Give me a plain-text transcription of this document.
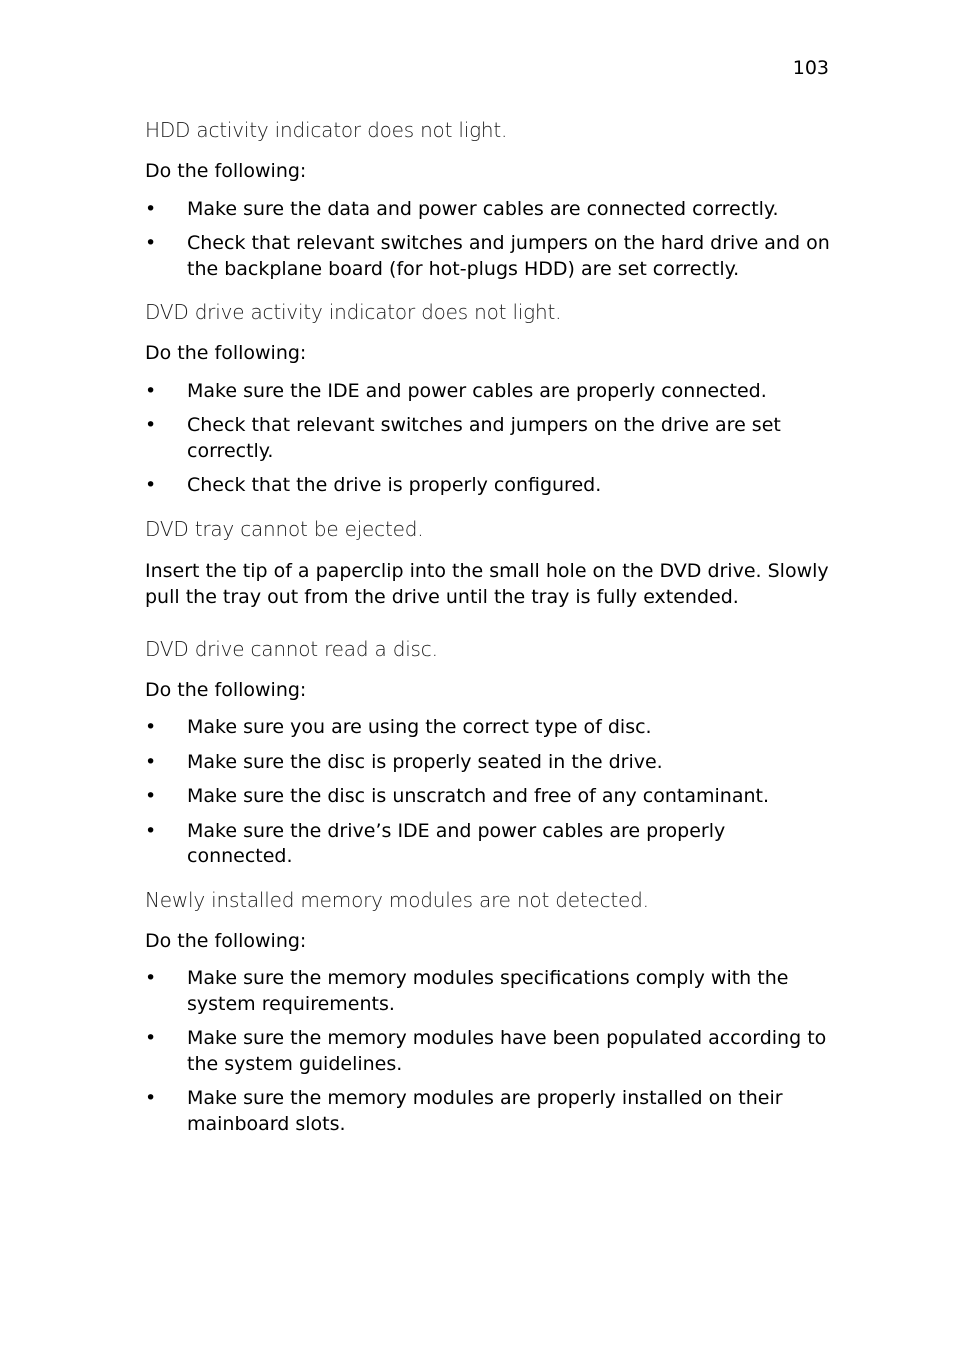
103
HDD activity indicator does not light.
Do the following:
• Make sure the data and power cables are connected correctly.
• Check that relevant switches and jumpers on the hard drive and on the backplane board (for hot-plugs HDD) are set correctly.
DVD drive activity indicator does not light.
Do the following:
• Make sure the IDE and power cables are properly connected.
• Check that relevant switches and jumpers on the drive are set correctly.
• Check that the drive is properly configured.
DVD tray cannot be ejected.

Insert the tip of a paperclip into the small hole on the DVD drive. Slowly pull the tray out from the drive until the tray is fully extended.

DVD drive cannot read a disc.
Do the following:
• Make sure you are using the correct type of disc.
• Make sure the disc is properly seated in the drive.
• Make sure the disc is unscratch and free of any contaminant.
• Make sure the drive’s IDE and power cables are properly connected.
Newly installed memory modules are not detected.
Do the following:
• Make sure the memory modules specifications comply with the system requirements.
• Make sure the memory modules have been populated according to the system guidelines.
• Make sure the memory modules are properly installed on their mainboard slots.
